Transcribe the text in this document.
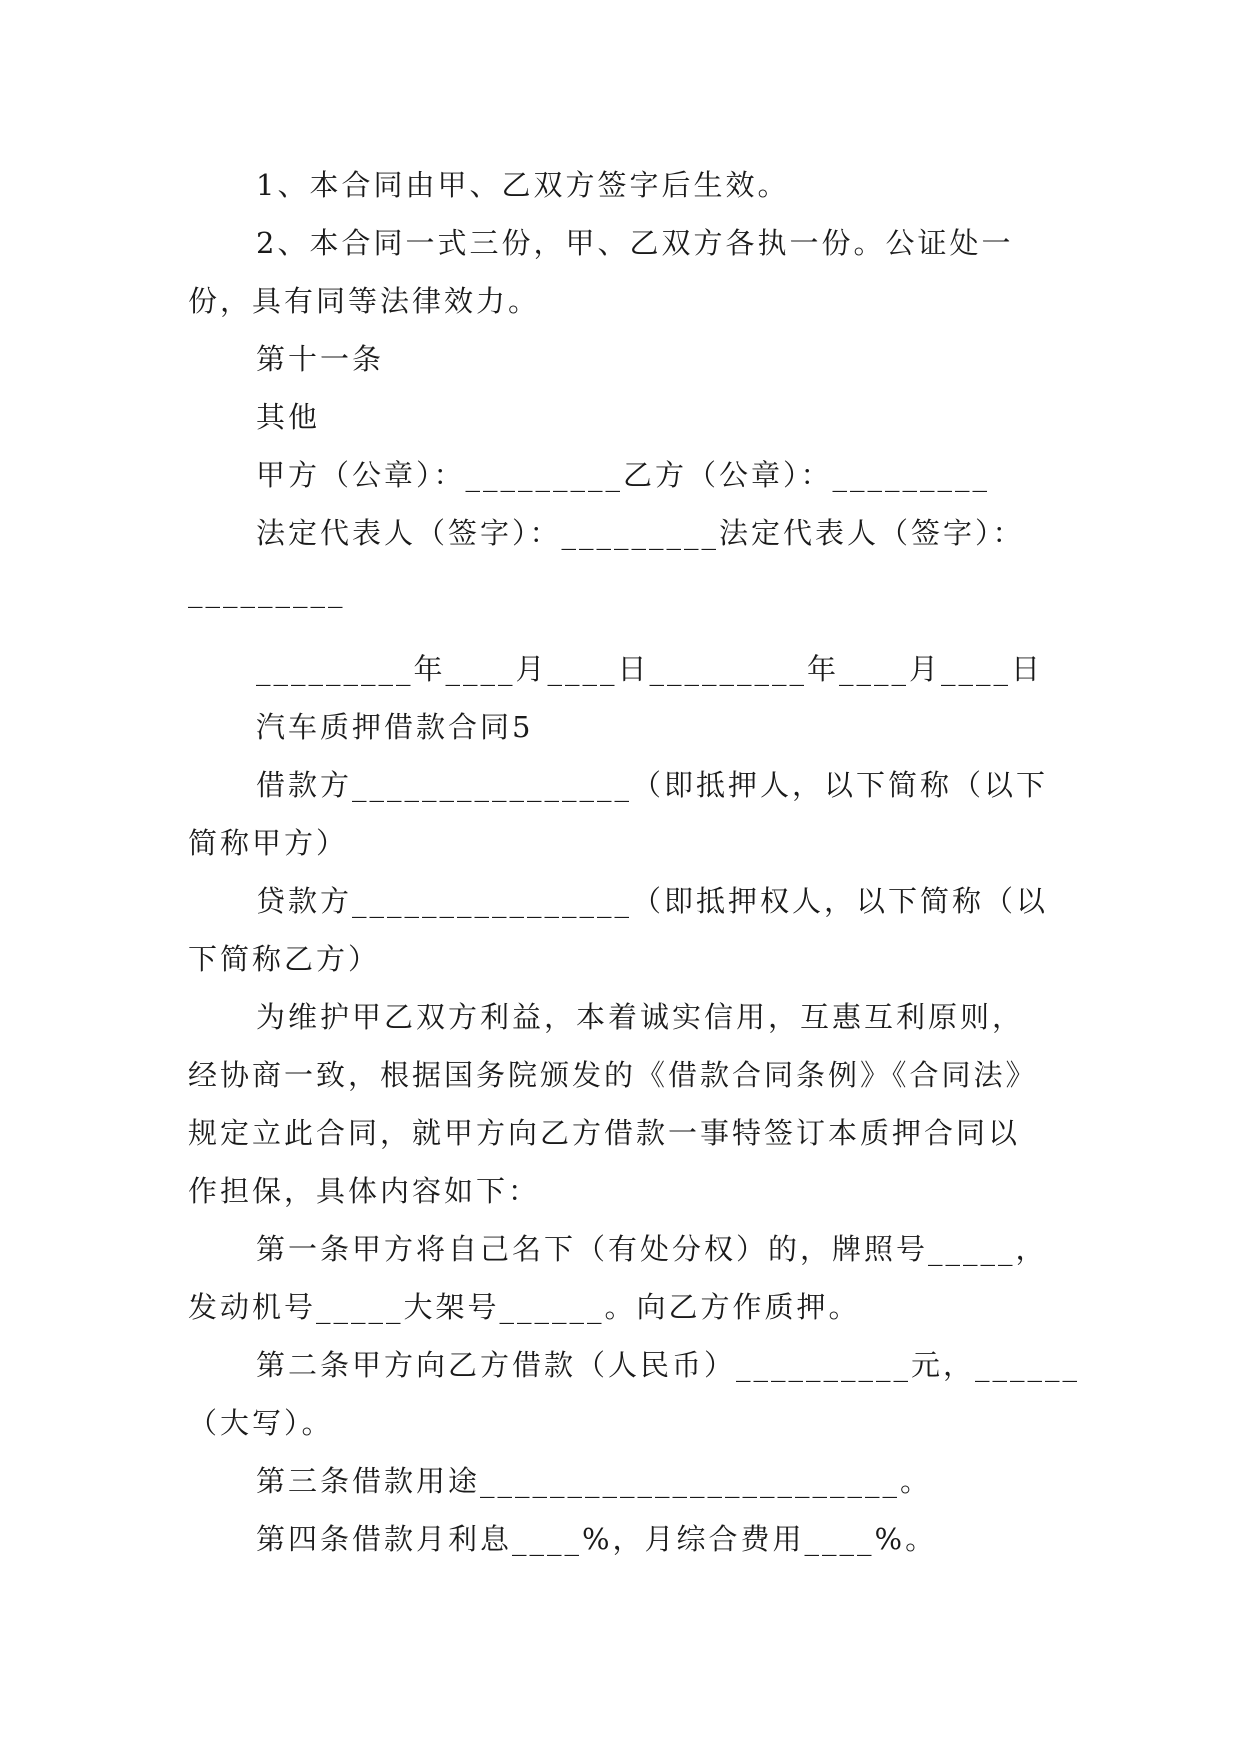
1、本合同由甲、乙双方签字后生效。
2、本合同一式三份，甲、乙双方各执一份。公证处一
份，具有同等法律效力。
第十一条
其他
甲方（公章）：_________乙方（公章）：_________
法定代表人（签字）：_________法定代表人（签字）：
_________
_________年____月____日_________年____月____日
汽车质押借款合同5
借款方________________（即抵押人，以下简称（以下
简称甲方）
贷款方________________（即抵押权人，以下简称（以
下简称乙方）
为维护甲乙双方利益，本着诚实信用，互惠互利原则，
经协商一致，根据国务院颁发的《借款合同条例》《合同法》
规定立此合同，就甲方向乙方借款一事特签订本质押合同以
作担保，具体内容如下：
第一条甲方将自己名下（有处分权）的，牌照号_____，
发动机号_____大架号______。向乙方作质押。
第二条甲方向乙方借款（人民币）__________元，______
（大写）。
第三条借款用途________________________。
第四条借款月利息____%，月综合费用____%。
